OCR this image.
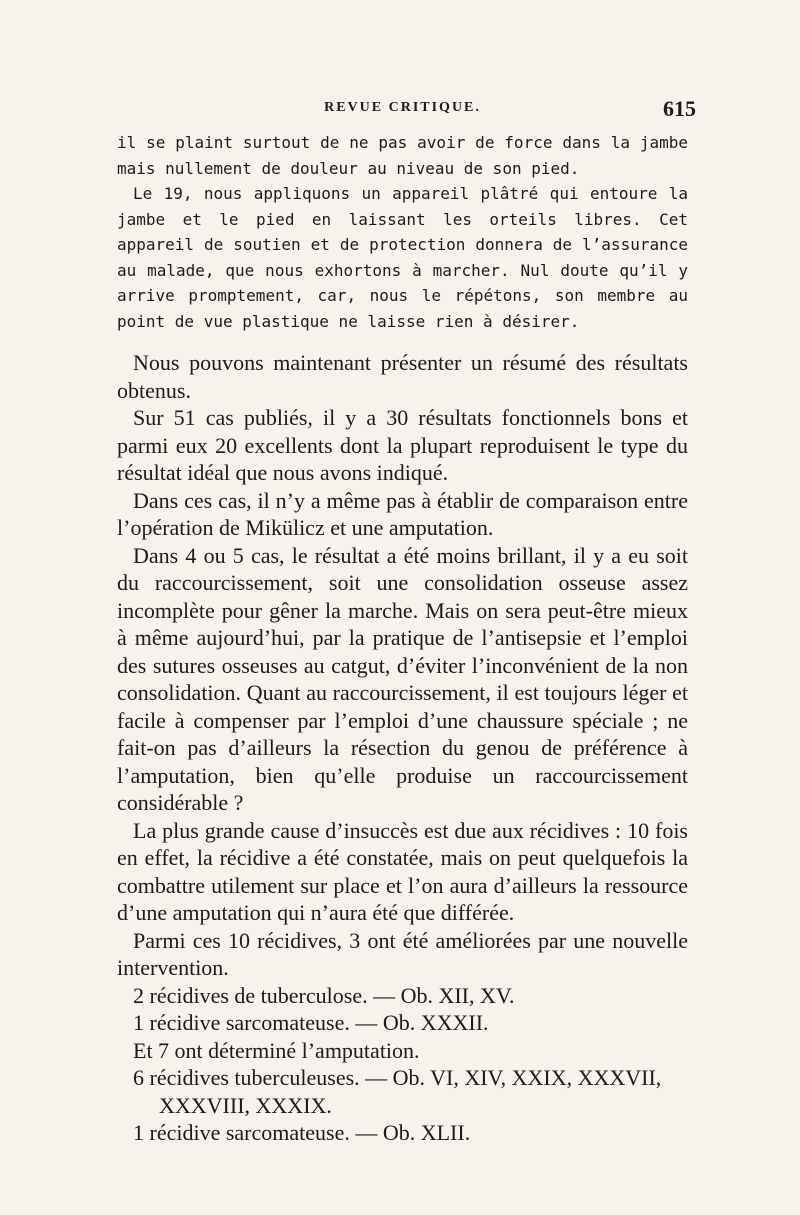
REVUE CRITIQUE.	615

il se plaint surtout de ne pas avoir de force dans la jambe mais nullement de douleur au niveau de son pied.

Le 19, nous appliquons un appareil plâtré qui entoure la jambe et le pied en laissant les orteils libres. Cet appareil de soutien et de protection donnera de l’assurance au malade, que nous exhortons à marcher. Nul doute qu’il y arrive promptement, car, nous le répétons, son membre au point de vue plastique ne laisse rien à désirer.

Nous pouvons maintenant présenter un résumé des résultats obtenus.

Sur 51 cas publiés, il y a 30 résultats fonctionnels bons et parmi eux 20 excellents dont la plupart reproduisent le type du résultat idéal que nous avons indiqué.

Dans ces cas, il n’y a même pas à établir de comparaison entre l’opération de Mikülicz et une amputation.

Dans 4 ou 5 cas, le résultat a été moins brillant, il y a eu soit du raccourcissement, soit une consolidation osseuse assez incomplète pour gêner la marche. Mais on sera peut-être mieux à même aujourd’hui, par la pratique de l’antisepsie et l’emploi des sutures osseuses au catgut, d’éviter l’inconvénient de la non consolidation. Quant au raccourcissement, il est toujours léger et facile à compenser par l’emploi d’une chaussure spéciale ; ne fait-on pas d’ailleurs la résection du genou de préférence à l’amputation, bien qu’elle produise un raccourcissement considérable ?

La plus grande cause d’insuccès est due aux récidives : 10 fois en effet, la récidive a été constatée, mais on peut quelquefois la combattre utilement sur place et l’on aura d’ailleurs la ressource d’une amputation qui n’aura été que différée.

Parmi ces 10 récidives, 3 ont été améliorées par une nouvelle intervention.

2 récidives de tuberculose. — Ob. XII, XV.

1 récidive sarcomateuse. — Ob. XXXII.

Et 7 ont déterminé l’amputation.

6 récidives tuberculeuses. — Ob. VI, XIV, XXIX, XXXVII,

XXXVIII, XXXIX.

1 récidive sarcomateuse. — Ob. XLII.
